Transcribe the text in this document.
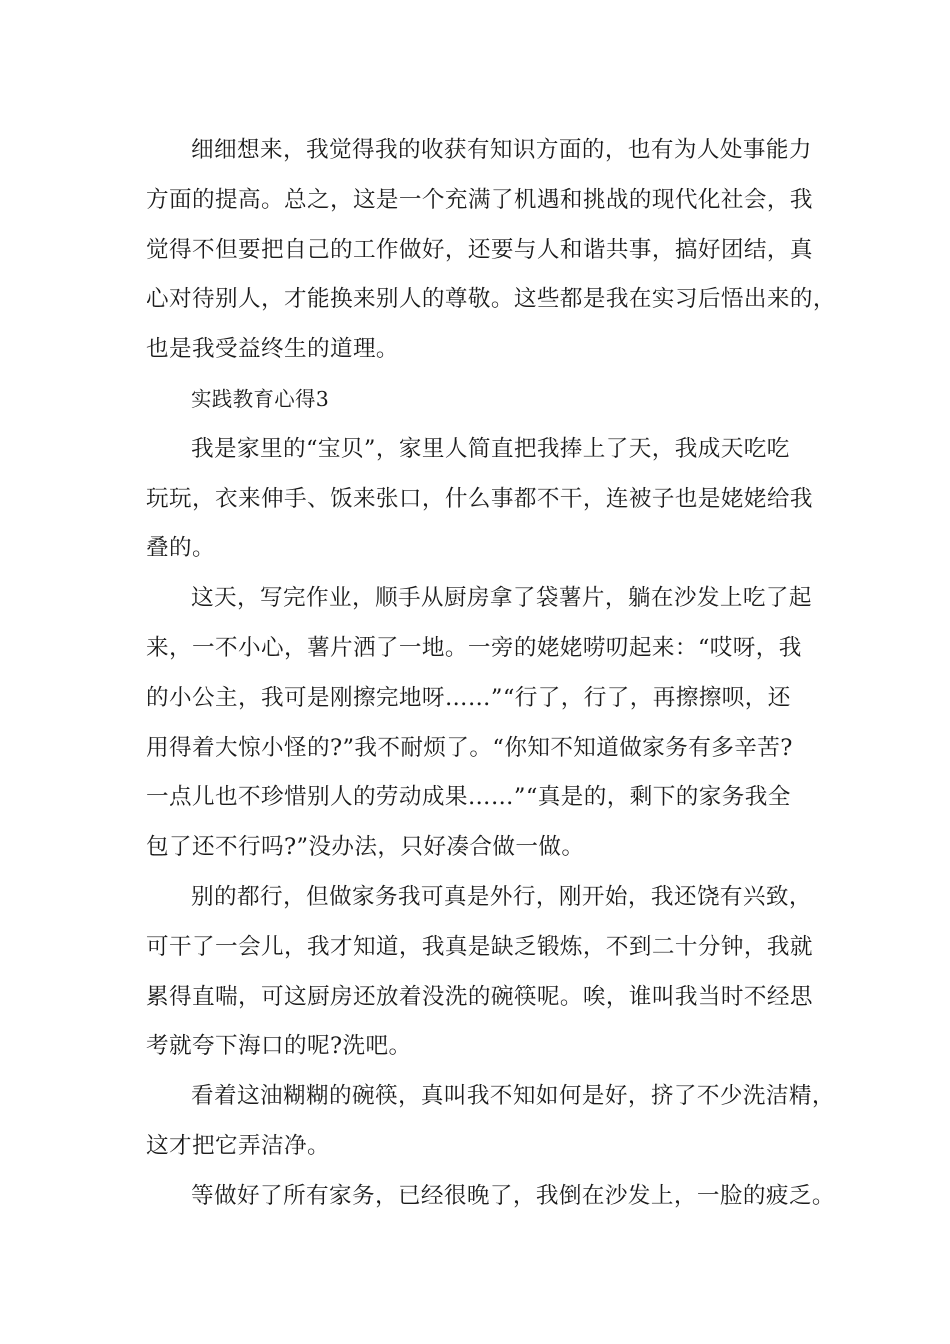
细细想来，我觉得我的收获有知识方面的，也有为人处事能力
方面的提高。总之，这是一个充满了机遇和挑战的现代化社会，我
觉得不但要把自己的工作做好，还要与人和谐共事，搞好团结，真
心对待别人，才能换来别人的尊敬。这些都是我在实习后悟出来的，
也是我受益终生的道理。

实践教育心得3

我是家里的“宝贝”，家里人简直把我捧上了天，我成天吃吃
玩玩，衣来伸手、饭来张口，什么事都不干，连被子也是姥姥给我
叠的。

这天，写完作业，顺手从厨房拿了袋薯片，躺在沙发上吃了起
来，一不小心，薯片洒了一地。一旁的姥姥唠叨起来：“哎呀，我
的小公主，我可是刚擦完地呀……”“行了，行了，再擦擦呗，还
用得着大惊小怪的?”我不耐烦了。“你知不知道做家务有多辛苦?
一点儿也不珍惜别人的劳动成果……”“真是的，剩下的家务我全
包了还不行吗?”没办法，只好凑合做一做。

别的都行，但做家务我可真是外行，刚开始，我还饶有兴致，
可干了一会儿，我才知道，我真是缺乏锻炼，不到二十分钟，我就
累得直喘，可这厨房还放着没洗的碗筷呢。唉，谁叫我当时不经思
考就夸下海口的呢?洗吧。

看着这油糊糊的碗筷，真叫我不知如何是好，挤了不少洗洁精，
这才把它弄洁净。

等做好了所有家务，已经很晚了，我倒在沙发上，一脸的疲乏。
